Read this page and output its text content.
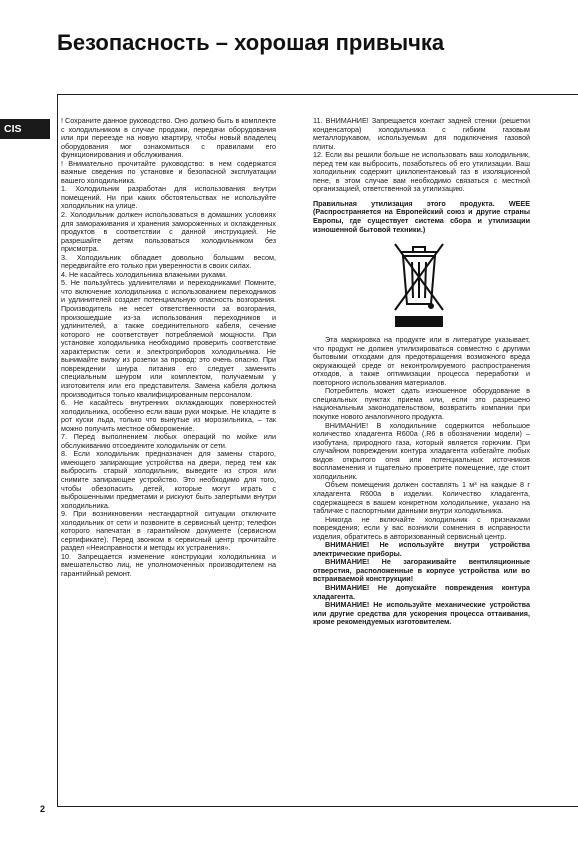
Безопасность – хорошая привычка
CIS

! Сохраните данное руководство. Оно должно быть в комплекте с холодильником в случае продажи, передачи оборудования или при переезде на новую квартиру, чтобы новый владелец оборудования мог ознакомиться с правилами его функционирования и обслуживания.

! Внимательно прочитайте руководство: в нем содержатся важные сведения по установке и безопасной эксплуатации вашего холодильника.

1. Холодильник разработан для использования внутри помещений. Ни при каких обстоятельствах не используйте холодильник на улице.

2. Холодильник должен использоваться в домашних условиях для замораживания и хранения замороженных и охлажденных продуктов в соответствии с данной инструкцией. Не разрешайте детям пользоваться холодильником без присмотра.

3. Холодильник обладает довольно большим весом, передвигайте его только при уверенности в своих силах.

4. Не касайтесь холодильника влажными руками.

5. Не пользуйтесь удлинителями и переходниками! Помните, что включение холодильника с использованием переходников и удлинителей создает потенциальную опасность возгорания. Производитель не несет ответственности за возгорания, произошедшие из-за использования переходников и удлинителей, а также соединительного кабеля, сечение которого не соответствует потребляемой мощности. При установке холодильника необходимо проверить соответствие характеристик сети и электроприборов холодильника. Не вынимайте вилку из розетки за провод: это очень опасно. При повреждении шнура питания его следует заменить специальным шнуром или комплектом, получаемым у изготовителя или его представителя. Замена кабеля должна производиться только квалифицированным персоналом.

6. Не касайтесь внутренних охлаждающих поверхностей холодильника, особенно если ваши руки мокрые. Не кладите в рот куски льда, только что вынутые из морозильника, – так можно получить местное обморожение.

7. Перед выполнением любых операций по мойке или обслуживанию отсоедините холодильник от сети.

8. Если холодильник предназначен для замены старого, имеющего запирающие устройства на двери, перед тем как выбросить старый холодильник, выведите из строя или снимите запирающее устройство. Это необходимо для того, чтобы обезопасить детей, которые могут играть с выброшенными предметами и рискуют быть запертыми внутри холодильника.

9. При возникновении нестандартной ситуации отключите холодильник от сети и позвоните в сервисный центр; телефон которого напечатан в гарантийном документе (сервисном сертификате). Перед звонком в сервисный центр прочитайте раздел «Неисправности и методы их устранения».

10. Запрещается изменение конструкции холодильника и вмешательство лиц, не уполномоченных производителем на гарантийный ремонт.

11. ВНИМАНИЕ! Запрещается контакт задней стенки (решетки конденсатора) холодильника с гибким газовым металлорукавом, используемым для подключения газовой плиты.

12. Если вы решили больше не использовать ваш холодильник, перед тем как выбросить, позаботьтесь об его утилизации. Ваш холодильник содержит циклопентановый газ в изоляционной пене, в этом случае вам необходимо связаться с местной организацией, ответственной за утилизацию.

Правильная утилизация этого продукта. WEEE (Распространяется на Европейский союз и другие страны Европы, где существует система сбора и утилизации изношенной бытовой техники.)

Эта маркировка на продукте или в литературе указывает, что продукт не должен утилизироваться совместно с другими бытовыми отходами для предотвращения возможного вреда окружающей среде от неконтролируемого распространения отходов, а также оптимизации процесса переработки и повторного использования материалов.

Потребитель может сдать изношенное оборудование в специальных пунктах приема или, если это разрешено национальным законодательством, возвратить компании при покупке нового аналогичного продукта.

ВНИМАНИЕ! В холодильнике содержится небольшое количество хладагента R600a (.R6 в обозначении модели) – изобутана, природного газа, который является горючим. При случайном повреждении контура хладагента избегайте любых видов открытого огня или потенциальных источников воспламенения и тщательно проветрите помещение, где стоит холодильник.

Объем помещения должен составлять 1 м³ на каждые 8 г хладагента R600a в изделии. Количество хладагента, содержащееся в вашем конкретном холодильнике, указано на табличке с паспортными данными внутри холодильника.

Никогда не включайте холодильник с признаками повреждения; если у вас возникли сомнения в исправности изделия, обратитесь в авторизованный сервисный центр.

ВНИМАНИЕ! Не используйте внутри устройства электрические приборы.

ВНИМАНИЕ! Не загораживайте вентиляционные отверстия, расположенные в корпусе устройства или во встраиваемой конструкции!

ВНИМАНИЕ! Не допускайте повреждения контура хладагента.

ВНИМАНИЕ! Не используйте механические устройства или другие средства для ускорения процесса оттаивания, кроме рекомендуемых изготовителем.

2
